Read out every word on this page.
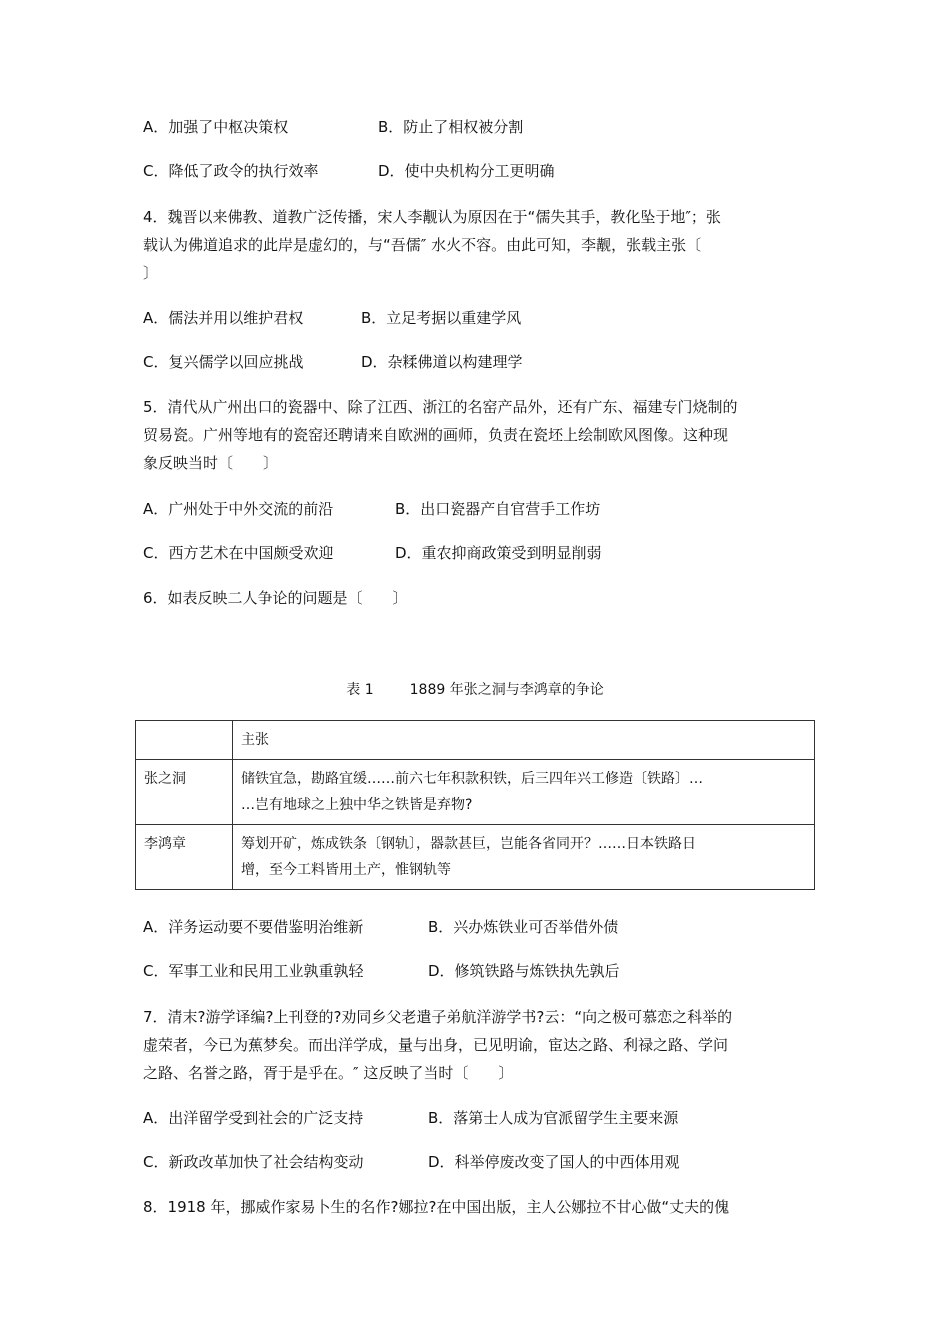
A．加强了中枢决策权	B．防止了相权被分割
C．降低了政令的执行效率	D．使中央机构分工更明确
4．魏晋以来佛教、道教广泛传播，宋人李觏认为原因在于“儒失其手，教化坠于地″；张
载认为佛道追求的此岸是虚幻的，与“吾儒″ 水火不容。由此可知，李觏，张载主张〔
〕
A．儒法并用以维护君权	B．立足考据以重建学风
C．复兴儒学以回应挑战	D．杂糅佛道以构建理学
5．清代从广州出口的瓷器中、除了江西、浙江的名窑产品外，还有广东、福建专门烧制的
贸易瓷。广州等地有的瓷窑还聘请来自欧洲的画师，负责在瓷坯上绘制欧风图像。这种现
象反映当时〔　　〕
A．广州处于中外交流的前沿	B．出口瓷器产自官营手工作坊
C．西方艺术在中国颇受欢迎	D．重农抑商政策受到明显削弱
6．如表反映二人争论的问题是〔　　〕
表 1	1889 年张之洞与李鸿章的争论
	主张
张之洞	储铁宜急，勘路宜缓……前六七年积款积铁，后三四年兴工修造〔铁路〕…
…岂有地球之上独中华之铁皆是弃物?

李鸿章	筹划开矿，炼成铁条〔钢轨〕，器款甚巨，岂能各省同开？……日本铁路日
增，至今工料皆用土产，惟钢轨等
A．洋务运动要不要借鉴明治维新	B．兴办炼铁业可否举借外债
C．军事工业和民用工业孰重孰轻	D．修筑铁路与炼铁执先孰后
7．清末?游学译编?上刊登的?劝同乡父老遣子弟航洋游学书?云：“向之极可慕恋之科举的
虚荣者，今已为蕉梦矣。而出洋学成，量与出身，已见明谕，宦达之路、利禄之路、学问
之路、名誉之路，胥于是乎在。″ 这反映了当时〔　　〕
A．出洋留学受到社会的广泛支持	B．落第士人成为官派留学生主要来源
C．新政改革加快了社会结构变动	D．科举停废改变了国人的中西体用观
8．1918 年，挪威作家易卜生的名作?娜拉?在中国出版，主人公娜拉不甘心做“丈夫的傀
